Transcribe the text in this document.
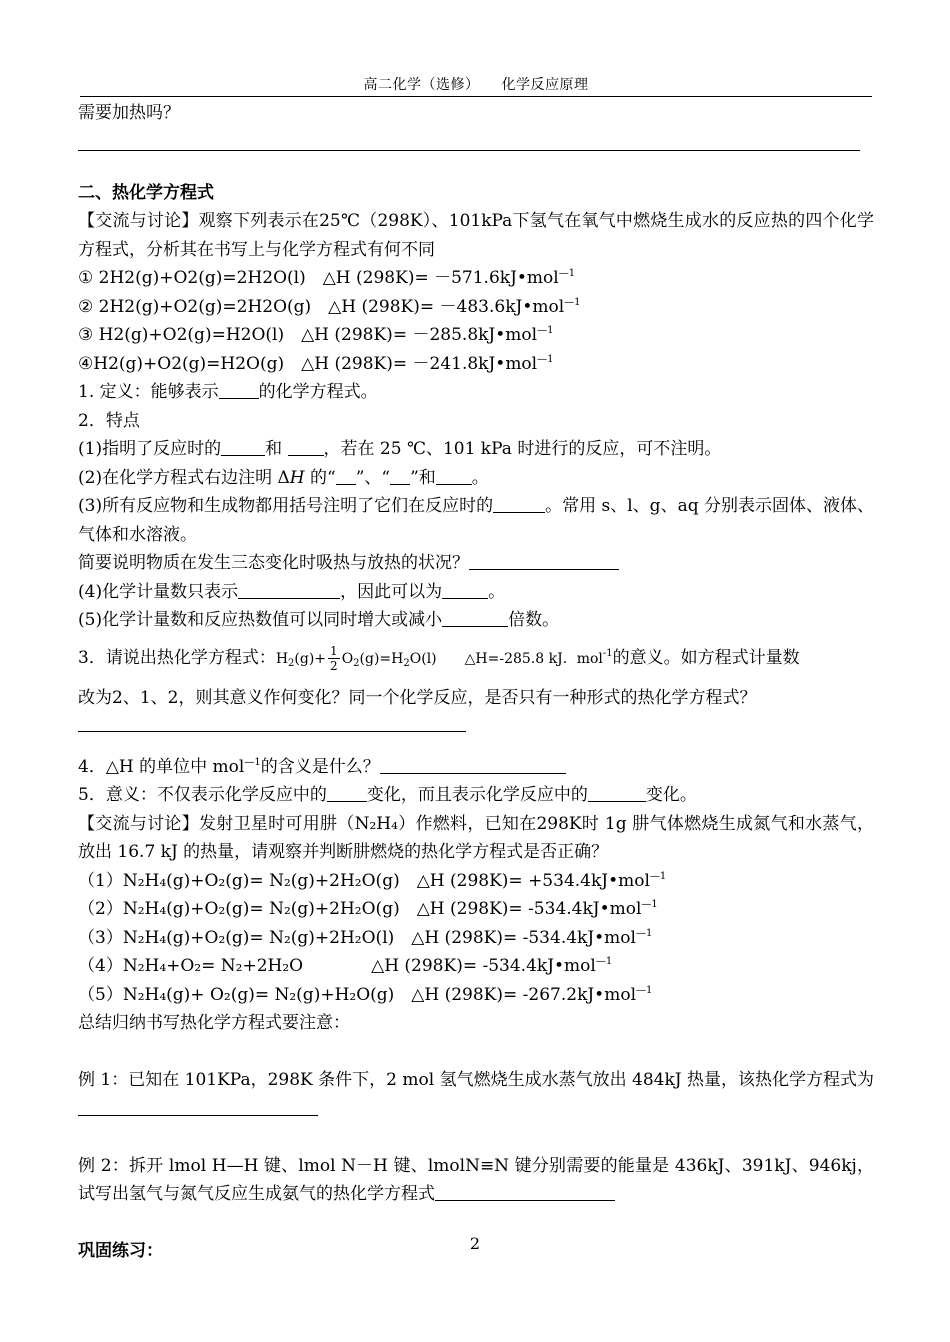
高二化学（选修）　　化学反应原理
需要加热吗？
二、热化学方程式
【交流与讨论】观察下列表示在25℃（298K）、101kPa下氢气在氧气中燃烧生成水的反应热的四个化学方程式，分析其在书写上与化学方程式有何不同
① 2H2(g)+O2(g)=2H2O(l)　△H (298K)= －571.6kJ•mol$^{—1}$
② 2H2(g)+O2(g)=2H2O(g)　△H (298K)= －483.6kJ•mol$^{—1}$
③ H2(g)+O2(g)=H2O(l)　△H (298K)= －285.8kJ•mol$^{—1}$
④H2(g)+O2(g)=H2O(g)　△H (298K)= －241.8kJ•mol$^{—1}$
1. 定义：能够表示 的化学方程式。
2．特点
(1)指明了反应时的	和 ，若在 25 ℃、101 kPa 时进行的反应，可不注明。
(2)在化学方程式右边注明 ΔH 的“ ”、“ ”和 。
(3)所有反应物和生成物都用括号注明了它们在反应时的	。常用 s、l、g、aq 分别表示固体、液体、气体和水溶液。
简要说明物质在发生三态变化时吸热与放热的状况？
(4)化学计量数只表示	，因此可以为	。
(5)化学计量数和反应热数值可以同时增大或减小	倍数。
3．请说出热化学方程式：$H_2(g)+ \frac{1}{2} O_2(g)=H_2O(l)$　　△H=-285.8 kJ．mol$^{-1}$的意义。如方程式计量数
改为2、1、2，则其意义作何变化？同一个化学反应，是否只有一种形式的热化学方程式？
4．△H 的单位中 mol$^{—1}$的含义是什么？
5．意义：不仅表示化学反应中的 变化，而且表示化学反应中的	变化。
【交流与讨论】发射卫星时可用肼（N₂H₄）作燃料，已知在298K时 1g 肼气体燃烧生成氮气和水蒸气，放出 16.7 kJ 的热量，请观察并判断肼燃烧的热化学方程式是否正确？
（1）N₂H₄(g)+O₂(g)= N₂(g)+2H₂O(g)　△H (298K)= +534.4kJ•mol$^{—1}$
（2）N₂H₄(g)+O₂(g)= N₂(g)+2H₂O(g)　△H (298K)= -534.4kJ•mol$^{—1}$
（3）N₂H₄(g)+O₂(g)= N₂(g)+2H₂O(l)　△H (298K)= -534.4kJ•mol$^{—1}$
（4）N₂H₄+O₂= N₂+2H₂O　　　　△H (298K)= -534.4kJ•mol$^{—1}$
（5）N₂H₄(g)+ O₂(g)= N₂(g)+H₂O(g)　△H (298K)= -267.2kJ•mol$^{—1}$
总结归纳书写热化学方程式要注意：
例 1：已知在 101KPa，298K 条件下，2 mol 氢气燃烧生成水蒸气放出 484kJ 热量，该热化学方程式为
例 2：拆开 lmol H—H 键、lmol N－H 键、lmolN≡N 键分别需要的能量是 436kJ、391kJ、946kj，试写出氢气与氮气反应生成氨气的热化学方程式
巩固练习：	2
